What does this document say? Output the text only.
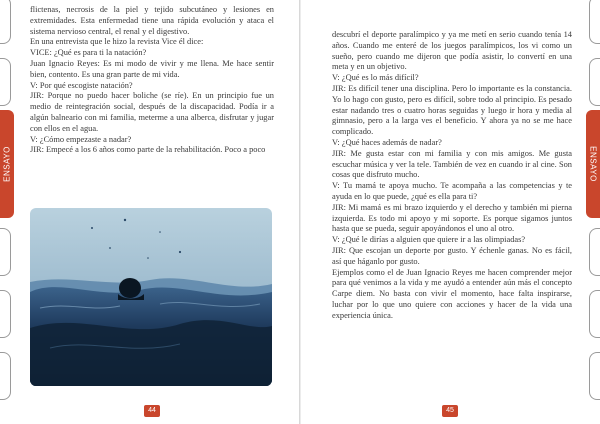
ENSAYO

flictenas, necrosis de la piel y tejido subcutáneo y lesiones en extremidades. Esta enfermedad tiene una rápida evolución y ataca el sistema nervioso central, el renal y el digestivo.

En una entrevista que le hizo la revista Vice él dice:

VICE: ¿Qué es para ti la natación?

Juan Ignacio Reyes: Es mi modo de vivir y me llena. Me hace sentir bien, contento. Es una gran parte de mi vida.

V: Por qué escogiste natación?

JIR: Porque no puedo hacer boliche (se ríe). En un principio fue un medio de reintegración social, después de la discapacidad. Podía ir a algún balneario con mi familia, meterme a una alberca, disfrutar y jugar con ellos en el agua.

V: ¿Cómo empezaste a nadar?

JIR: Empecé a los 6 años como parte de la rehabilitación. Poco a poco

44
ENSAYO

descubrí el deporte paralímpico y ya me metí en serio cuando tenía 14 años. Cuando me enteré de los juegos paralímpicos, los vi como un sueño, pero cuando me dijeron que podía asistir, lo convertí en una meta y en un objetivo.

V: ¿Qué es lo más difícil?

JIR: Es difícil tener una disciplina. Pero lo importante es la constancia. Yo lo hago con gusto, pero es difícil, sobre todo al principio. Es pesado estar nadando tres o cuatro horas seguidas y luego ir hora y media al gimnasio, pero a la larga ves el beneficio. Y ahora ya no se me hace complicado.

V: ¿Qué haces además de nadar?

JIR: Me gusta estar con mi familia y con mis amigos. Me gusta escuchar música y ver la tele. También de vez en cuando ir al cine. Son cosas que disfruto mucho.

V: Tu mamá te apoya mucho. Te acompaña a las competencias y te ayuda en lo que puede, ¿qué es ella para ti?

JIR: Mi mamá es mi brazo izquierdo y el derecho y también mi pierna izquierda. Es todo mi apoyo y mi soporte. Es porque sigamos juntos hasta que se pueda, seguir apoyándonos el uno al otro.

V: ¿Qué le dirías a alguien que quiere ir a las olimpiadas?

JIR: Que escojan un deporte por gusto. Y échenle ganas. No es fácil, así que háganlo por gusto.

Ejemplos como el de Juan Ignacio Reyes me hacen comprender mejor para qué venimos a la vida y me ayudó a entender aún más el concepto Carpe diem. No basta con vivir el momento, hace falta inspirarse, luchar por lo que uno quiere con acciones y hacer de la vida una experiencia única.

45
